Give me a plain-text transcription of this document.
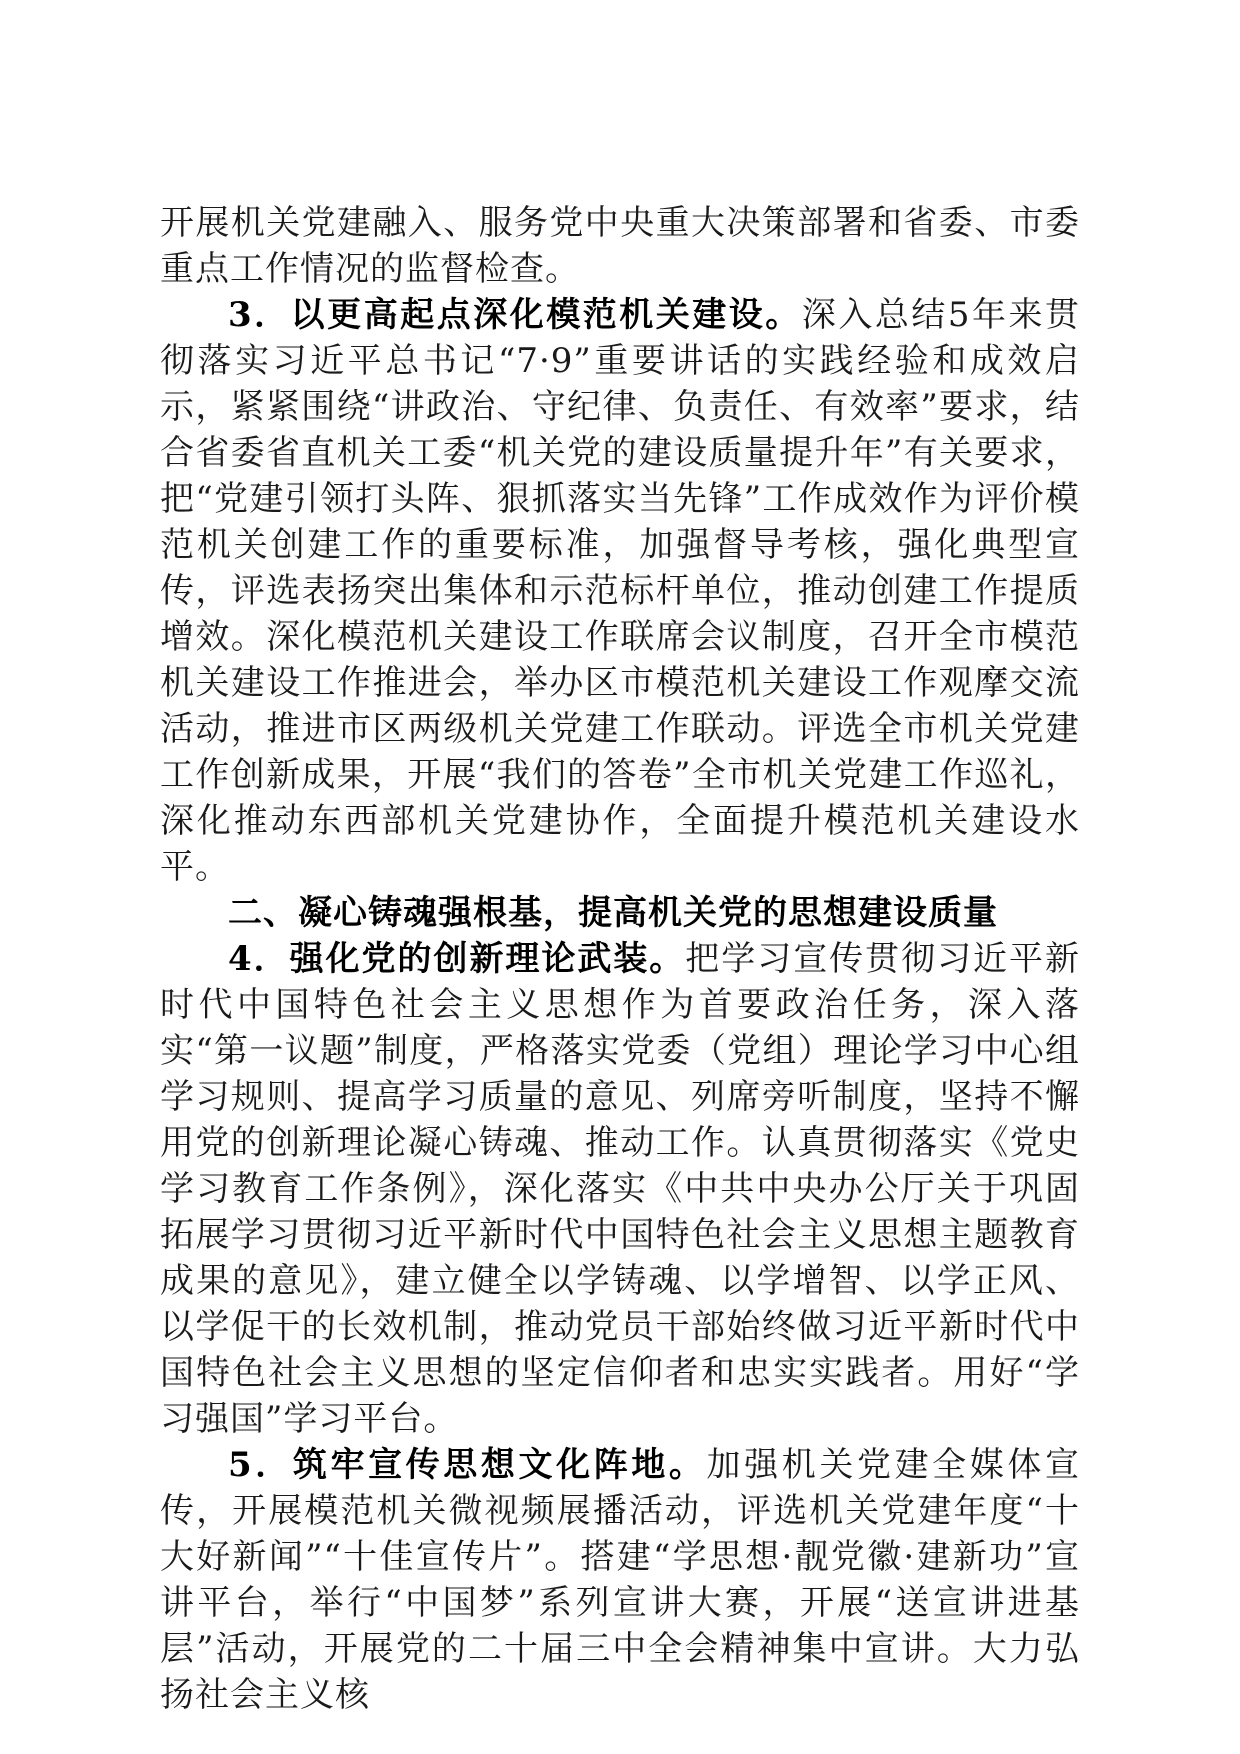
开展机关党建融入、服务党中央重大决策部署和省委、市委重点工作情况的监督检查。

3．以更高起点深化模范机关建设。深入总结5年来贯彻落实习近平总书记“7·9”重要讲话的实践经验和成效启示，紧紧围绕“讲政治、守纪律、负责任、有效率”要求，结合省委省直机关工委“机关党的建设质量提升年”有关要求，把“党建引领打头阵、狠抓落实当先锋”工作成效作为评价模范机关创建工作的重要标准，加强督导考核，强化典型宣传，评选表扬突出集体和示范标杆单位，推动创建工作提质增效。深化模范机关建设工作联席会议制度，召开全市模范机关建设工作推进会，举办区市模范机关建设工作观摩交流活动，推进市区两级机关党建工作联动。评选全市机关党建工作创新成果，开展“我们的答卷”全市机关党建工作巡礼，深化推动东西部机关党建协作，全面提升模范机关建设水平。

二、凝心铸魂强根基，提高机关党的思想建设质量

4．强化党的创新理论武装。把学习宣传贯彻习近平新时代中国特色社会主义思想作为首要政治任务，深入落实“第一议题”制度，严格落实党委（党组）理论学习中心组学习规则、提高学习质量的意见、列席旁听制度，坚持不懈用党的创新理论凝心铸魂、推动工作。认真贯彻落实《党史学习教育工作条例》，深化落实《中共中央办公厅关于巩固拓展学习贯彻习近平新时代中国特色社会主义思想主题教育成果的意见》，建立健全以学铸魂、以学增智、以学正风、以学促干的长效机制，推动党员干部始终做习近平新时代中国特色社会主义思想的坚定信仰者和忠实实践者。用好“学习强国”学习平台。

5．筑牢宣传思想文化阵地。加强机关党建全媒体宣传，开展模范机关微视频展播活动，评选机关党建年度“十大好新闻”“十佳宣传片”。搭建“学思想·靓党徽·建新功”宣讲平台，举行“中国梦”系列宣讲大赛，开展“送宣讲进基层”活动，开展党的二十届三中全会精神集中宣讲。大力弘扬社会主义核
